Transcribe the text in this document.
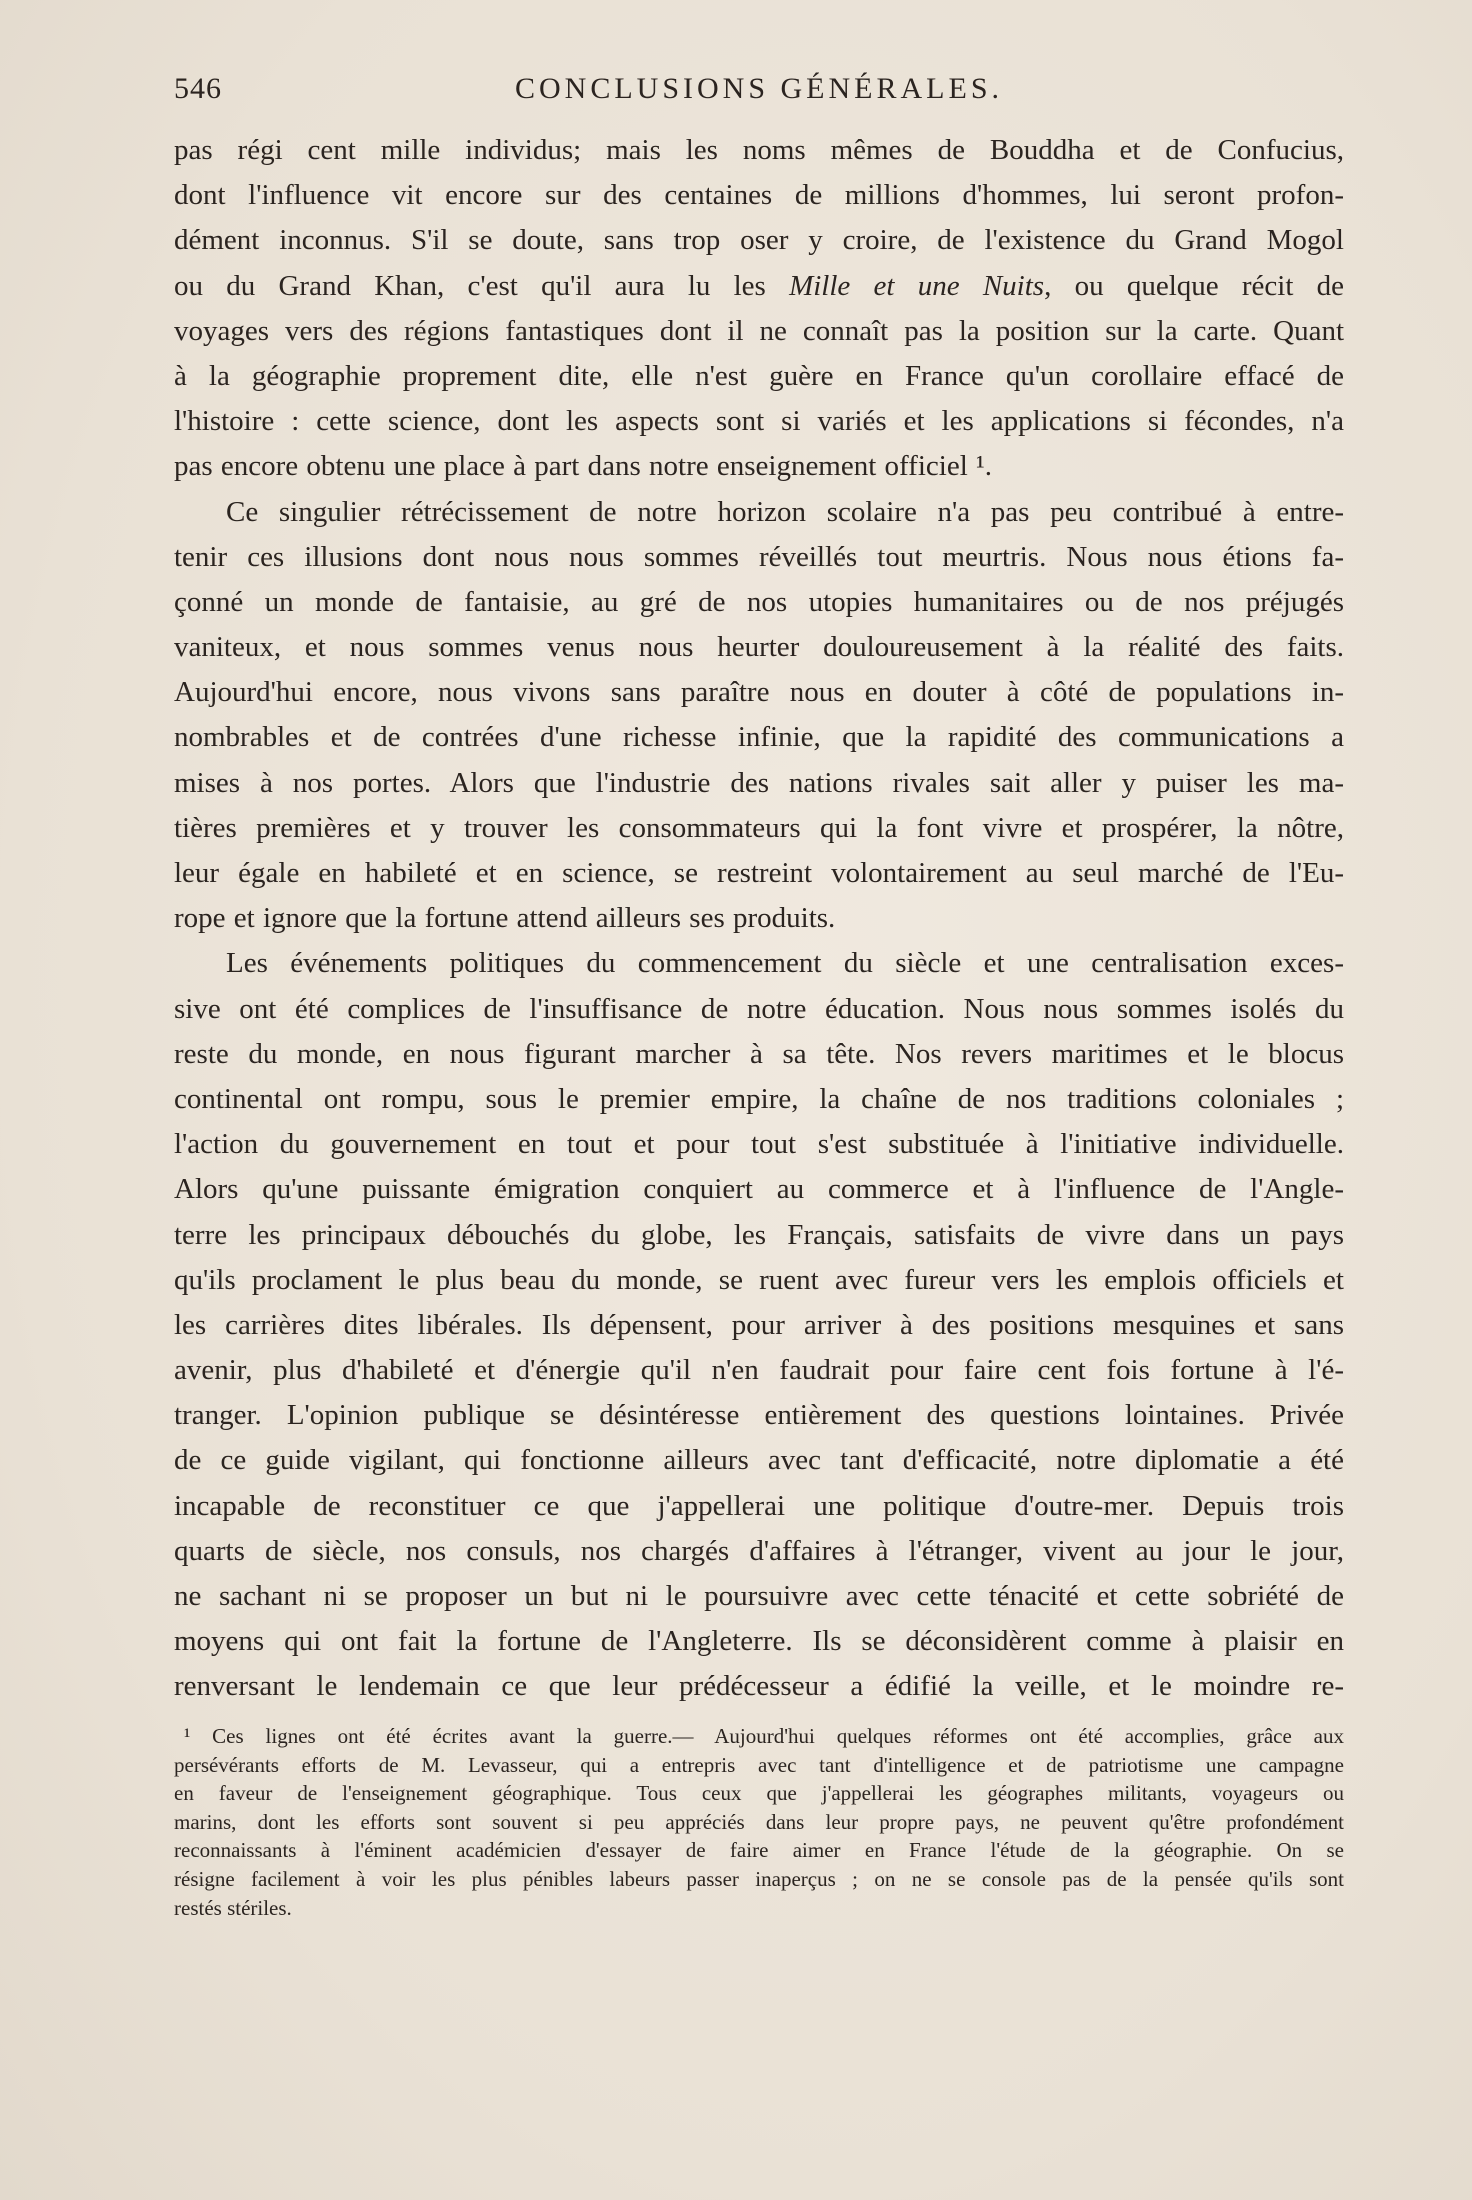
546	CONCLUSIONS GÉNÉRALES.
pas régi cent mille individus; mais les noms mêmes de Bouddha et de Confucius,
dont l'influence vit encore sur des centaines de millions d'hommes, lui seront profon-
dément inconnus. S'il se doute, sans trop oser y croire, de l'existence du Grand Mogol
ou du Grand Khan, c'est qu'il aura lu les Mille et une Nuits, ou quelque récit de
voyages vers des régions fantastiques dont il ne connaît pas la position sur la carte. Quant
à la géographie proprement dite, elle n'est guère en France qu'un corollaire effacé de
l'histoire : cette science, dont les aspects sont si variés et les applications si fécondes, n'a
pas encore obtenu une place à part dans notre enseignement officiel ¹.
Ce singulier rétrécissement de notre horizon scolaire n'a pas peu contribué à entre-
tenir ces illusions dont nous nous sommes réveillés tout meurtris. Nous nous étions fa-
çonné un monde de fantaisie, au gré de nos utopies humanitaires ou de nos préjugés
vaniteux, et nous sommes venus nous heurter douloureusement à la réalité des faits.
Aujourd'hui encore, nous vivons sans paraître nous en douter à côté de populations in-
nombrables et de contrées d'une richesse infinie, que la rapidité des communications a
mises à nos portes. Alors que l'industrie des nations rivales sait aller y puiser les ma-
tières premières et y trouver les consommateurs qui la font vivre et prospérer, la nôtre,
leur égale en habileté et en science, se restreint volontairement au seul marché de l'Eu-
rope et ignore que la fortune attend ailleurs ses produits.
Les événements politiques du commencement du siècle et une centralisation exces-
sive ont été complices de l'insuffisance de notre éducation. Nous nous sommes isolés du
reste du monde, en nous figurant marcher à sa tête. Nos revers maritimes et le blocus
continental ont rompu, sous le premier empire, la chaîne de nos traditions coloniales ;
l'action du gouvernement en tout et pour tout s'est substituée à l'initiative individuelle.
Alors qu'une puissante émigration conquiert au commerce et à l'influence de l'Angle-
terre les principaux débouchés du globe, les Français, satisfaits de vivre dans un pays
qu'ils proclament le plus beau du monde, se ruent avec fureur vers les emplois officiels et
les carrières dites libérales. Ils dépensent, pour arriver à des positions mesquines et sans
avenir, plus d'habileté et d'énergie qu'il n'en faudrait pour faire cent fois fortune à l'é-
tranger. L'opinion publique se désintéresse entièrement des questions lointaines. Privée
de ce guide vigilant, qui fonctionne ailleurs avec tant d'efficacité, notre diplomatie a été
incapable de reconstituer ce que j'appellerai une politique d'outre-mer. Depuis trois
quarts de siècle, nos consuls, nos chargés d'affaires à l'étranger, vivent au jour le jour,
ne sachant ni se proposer un but ni le poursuivre avec cette ténacité et cette sobriété de
moyens qui ont fait la fortune de l'Angleterre. Ils se déconsidèrent comme à plaisir en
renversant le lendemain ce que leur prédécesseur a édifié la veille, et le moindre re-
¹ Ces lignes ont été écrites avant la guerre.— Aujourd'hui quelques réformes ont été accomplies, grâce aux
persévérants efforts de M. Levasseur, qui a entrepris avec tant d'intelligence et de patriotisme une campagne
en faveur de l'enseignement géographique. Tous ceux que j'appellerai les géographes militants, voyageurs ou
marins, dont les efforts sont souvent si peu appréciés dans leur propre pays, ne peuvent qu'être profondément
reconnaissants à l'éminent académicien d'essayer de faire aimer en France l'étude de la géographie. On se
résigne facilement à voir les plus pénibles labeurs passer inaperçus ; on ne se console pas de la pensée qu'ils sont
restés stériles.
